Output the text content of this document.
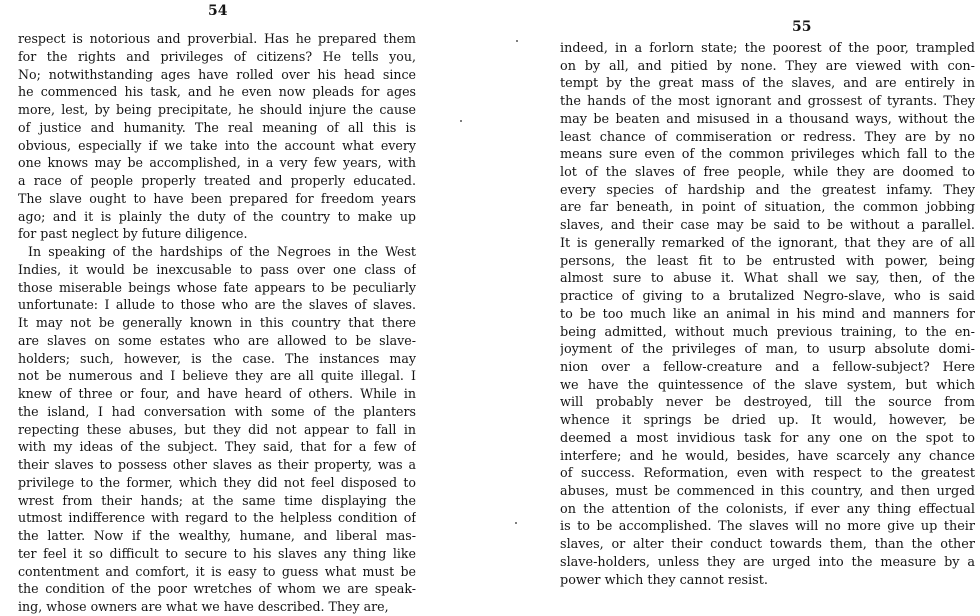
54
respect is notorious and proverbial. Has he prepared them
for the rights and privileges of citizens? He tells you,
No; notwithstanding ages have rolled over his head since
he commenced his task, and he even now pleads for ages
more, lest, by being precipitate, he should injure the cause
of justice and humanity. The real meaning of all this is
obvious, especially if we take into the account what every
one knows may be accomplished, in a very few years, with
a race of people properly treated and properly educated.
The slave ought to have been prepared for freedom years
ago; and it is plainly the duty of the country to make up
for past neglect by future diligence.
In speaking of the hardships of the Negroes in the West
Indies, it would be inexcusable to pass over one class of
those miserable beings whose fate appears to be peculiarly
unfortunate: I allude to those who are the slaves of slaves.
It may not be generally known in this country that there
are slaves on some estates who are allowed to be slave-
holders; such, however, is the case. The instances may
not be numerous and I believe they are all quite illegal. I
knew of three or four, and have heard of others. While in
the island, I had conversation with some of the planters
repecting these abuses, but they did not appear to fall in
with my ideas of the subject. They said, that for a few of
their slaves to possess other slaves as their property, was a
privilege to the former, which they did not feel disposed to
wrest from their hands; at the same time displaying the
utmost indifference with regard to the helpless condition of
the latter. Now if the wealthy, humane, and liberal mas-
ter feel it so difficult to secure to his slaves any thing like
contentment and comfort, it is easy to guess what must be
the condition of the poor wretches of whom we are speak-
ing, whose owners are what we have described. They are,
55
indeed, in a forlorn state; the poorest of the poor, trampled
on by all, and pitied by none. They are viewed with con-
tempt by the great mass of the slaves, and are entirely in
the hands of the most ignorant and grossest of tyrants. They
may be beaten and misused in a thousand ways, without the
least chance of commiseration or redress. They are by no
means sure even of the common privileges which fall to the
lot of the slaves of free people, while they are doomed to
every species of hardship and the greatest infamy. They
are far beneath, in point of situation, the common jobbing
slaves, and their case may be said to be without a parallel.
It is generally remarked of the ignorant, that they are of all
persons, the least fit to be entrusted with power, being
almost sure to abuse it. What shall we say, then, of the
practice of giving to a brutalized Negro-slave, who is said
to be too much like an animal in his mind and manners for
being admitted, without much previous training, to the en-
joyment of the privileges of man, to usurp absolute domi-
nion over a fellow-creature and a fellow-subject? Here
we have the quintessence of the slave system, but which
will probably never be destroyed, till the source from
whence it springs be dried up. It would, however, be
deemed a most invidious task for any one on the spot to
interfere; and he would, besides, have scarcely any chance
of success. Reformation, even with respect to the greatest
abuses, must be commenced in this country, and then urged
on the attention of the colonists, if ever any thing effectual
is to be accomplished. The slaves will no more give up their
slaves, or alter their conduct towards them, than the other
slave-holders, unless they are urged into the measure by a
power which they cannot resist.
